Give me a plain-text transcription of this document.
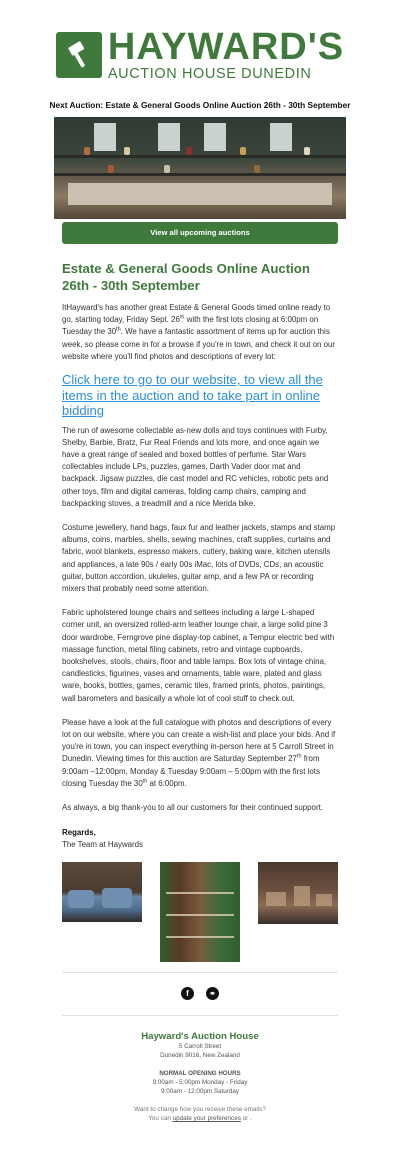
HAYWARD'S
AUCTION HOUSE DUNEDIN
Next Auction: Estate & General Goods Online Auction 26th - 30th September
View all upcoming auctions
Estate & General Goods Online Auction 26th - 30th September

ItHayward's has another great Estate & General Goods timed online ready to go, starting today, Friday Sept. 26th with the first lots closing at 6:00pm on Tuesday the 30th. We have a fantastic assortment of items up for auction this week, so please come in for a browse if you're in town, and check it out on our website where you'll find photos and descriptions of every lot:

Click here to go to our website, to view all the items in the auction and to take part in online bidding

The run of awesome collectable as-new dolls and toys continues with Furby, Shelby, Barbie, Bratz, Fur Real Friends and lots more, and once again we have a great range of sealed and boxed bottles of perfume. Star Wars collectables include LPs, puzzles, games, Darth Vader door mat and backpack. Jigsaw puzzles, die cast model and RC vehicles, robotic pets and other toys, film and digital cameras, folding camp chairs, camping and backpacking stoves, a treadmill and a nice Merida bike.

Costume jewellery, hand bags, faux fur and leather jackets, stamps and stamp albums, coins, marbles, shells, sewing machines, craft supplies, curtains and fabric, wool blankets, espresso makers, cutlery, baking ware, kitchen utensils and appliances, a late 90s / early 00s iMac, lots of DVDs, CDs, an acoustic guitar, button accordion, ukuleles, guitar amp, and a few PA or recording mixers that probably need some attention.

Fabric upholstered lounge chairs and settees including a large L-shaped corner unit, an oversized rolled-arm leather lounge chair, a large solid pine 3 door wardrobe, Ferngrove pine display-top cabinet, a Tempur electric bed with massage function, metal filing cabinets, retro and vintage cupboards, bookshelves, stools, chairs, floor and table lamps. Box lots of vintage china, candlesticks, figurines, vases and ornaments, table ware, plated and glass ware, books, bottles, games, ceramic tiles, framed prints, photos, paintings, wall barometers and basically a whole lot of cool stuff to check out.

Please have a look at the full catalogue with photos and descriptions of every lot on our website, where you can create a wish-list and place your bids. And if you're in town, you can inspect everything in-person here at 5 Carroll Street in Dunedin. Viewing times for this auction are Saturday September 27th from 9:00am –12:00pm, Monday & Tuesday 9:00am – 5:00pm with the first lots closing Tuesday the 30th at 6:00pm.

As always, a big thank-you to all our customers for their continued support.

Regards,
The Team at Haywards
f	⚭
Hayward's Auction House
5 Carroll Street
Dunedin 9016, New Zealand
NORMAL OPENING HOURS
9:00am - 5:00pm Monday - Friday
9:00am - 12:00pm Saturday
Want to change how you receive these emails?
You can update your preferences or .
